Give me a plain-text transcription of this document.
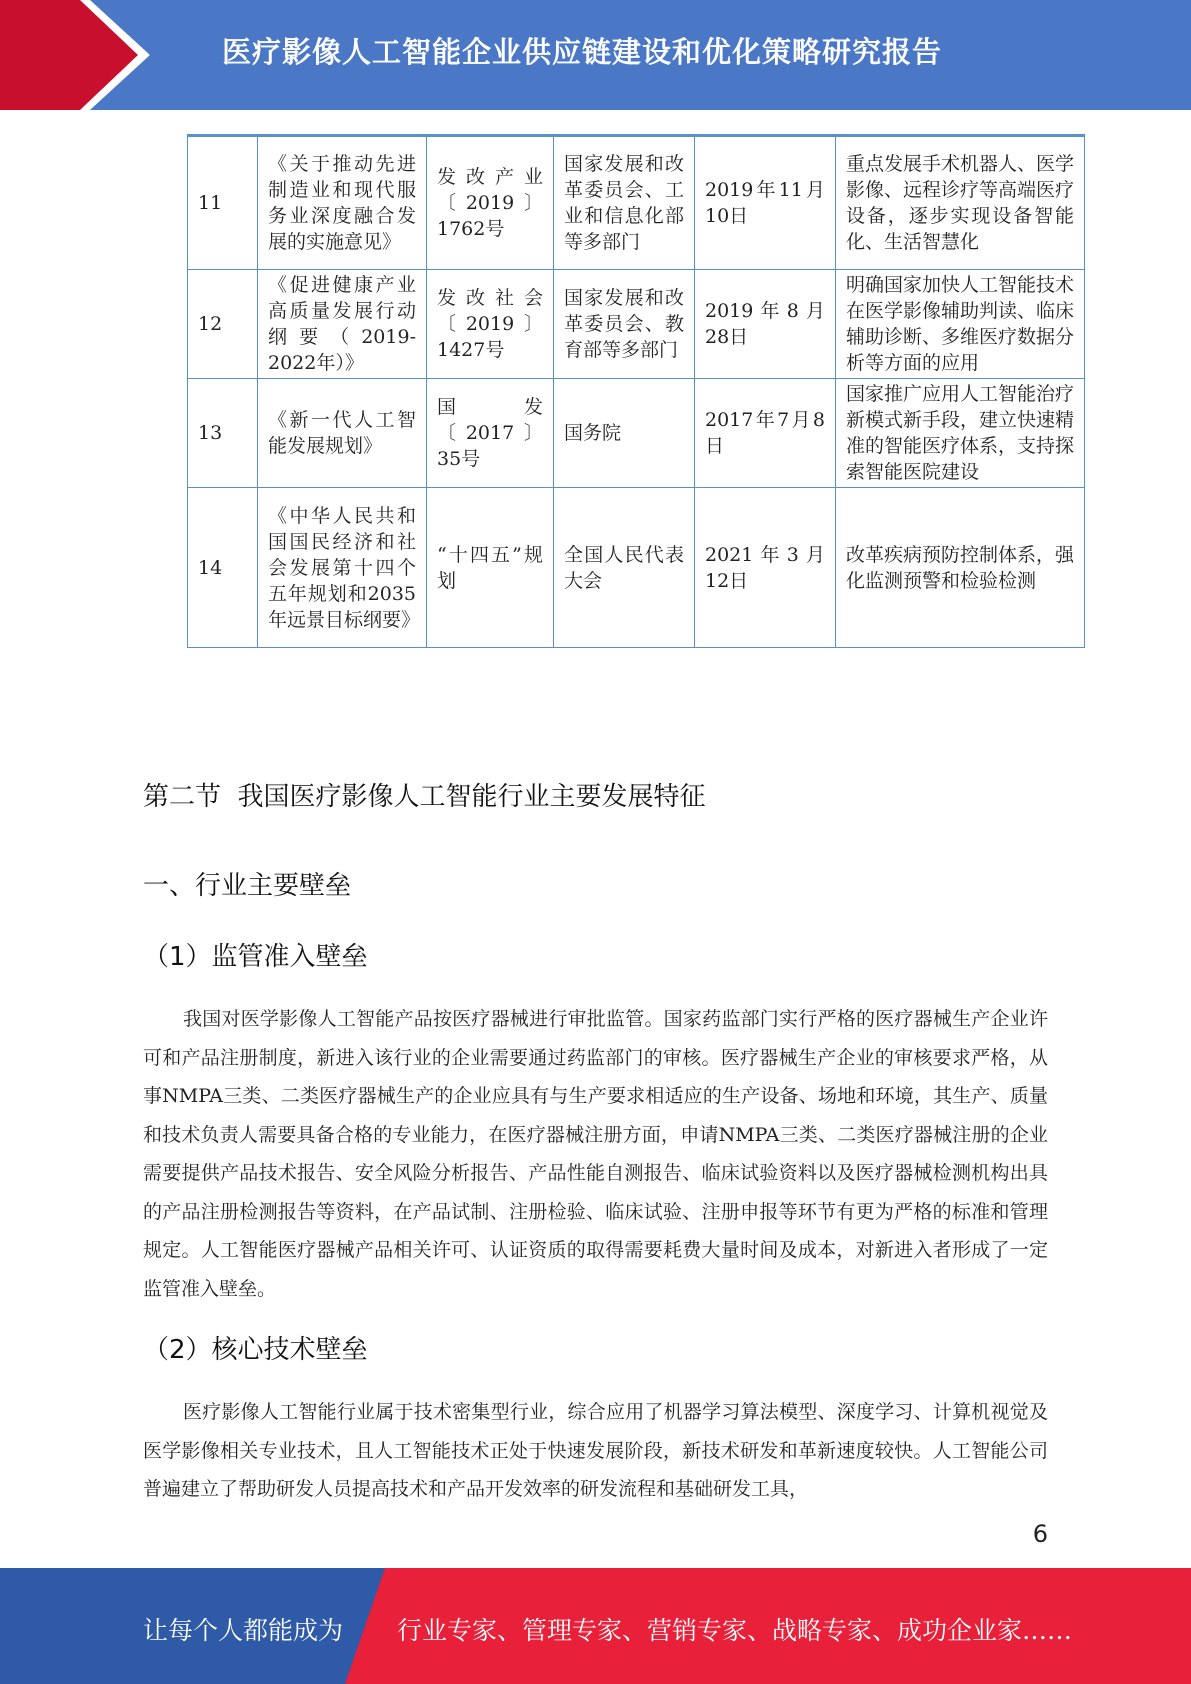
医疗影像人工智能企业供应链建设和优化策略研究报告
11	《关于推动先进制造业和现代服务业深度融合发展的实施意见》	发改产业〔2019〕1762号	国家发展和改革委员会、工业和信息化部等多部门	2019年11月10日	重点发展手术机器人、医学影像、远程诊疗等高端医疗设备，逐步实现设备智能化、生活智慧化
12	《促进健康产业高质量发展行动纲要（2019-2022年）》	发改社会〔2019〕1427号	国家发展和改革委员会、教育部等多部门	2019年8月28日	明确国家加快人工智能技术在医学影像辅助判读、临床辅助诊断、多维医疗数据分析等方面的应用
13	《新一代人工智能发展规划》	国发〔2017〕35号	国务院	2017年7月8日	国家推广应用人工智能治疗新模式新手段，建立快速精准的智能医疗体系，支持探索智能医院建设
14	《中华人民共和国国民经济和社会发展第十四个五年规划和2035年远景目标纲要》	“十四五”规划	全国人民代表大会	2021年3月12日	改革疾病预防控制体系，强化监测预警和检验检测
第二节  我国医疗影像人工智能行业主要发展特征
一、行业主要壁垒
（1）监管准入壁垒

我国对医学影像人工智能产品按医疗器械进行审批监管。国家药监部门实行严格的医疗器械生产企业许可和产品注册制度，新进入该行业的企业需要通过药监部门的审核。医疗器械生产企业的审核要求严格，从事NMPA三类、二类医疗器械生产的企业应具有与生产要求相适应的生产设备、场地和环境，其生产、质量和技术负责人需要具备合格的专业能力，在医疗器械注册方面，申请NMPA三类、二类医疗器械注册的企业需要提供产品技术报告、安全风险分析报告、产品性能自测报告、临床试验资料以及医疗器械检测机构出具的产品注册检测报告等资料，在产品试制、注册检验、临床试验、注册申报等环节有更为严格的标准和管理规定。人工智能医疗器械产品相关许可、认证资质的取得需要耗费大量时间及成本，对新进入者形成了一定监管准入壁垒。

（2）核心技术壁垒

医疗影像人工智能行业属于技术密集型行业，综合应用了机器学习算法模型、深度学习、计算机视觉及医学影像相关专业技术，且人工智能技术正处于快速发展阶段，新技术研发和革新速度较快。人工智能公司普遍建立了帮助研发人员提高技术和产品开发效率的研发流程和基础研发工具，

6
让每个人都能成为 行业专家、管理专家、营销专家、战略专家、成功企业家……
